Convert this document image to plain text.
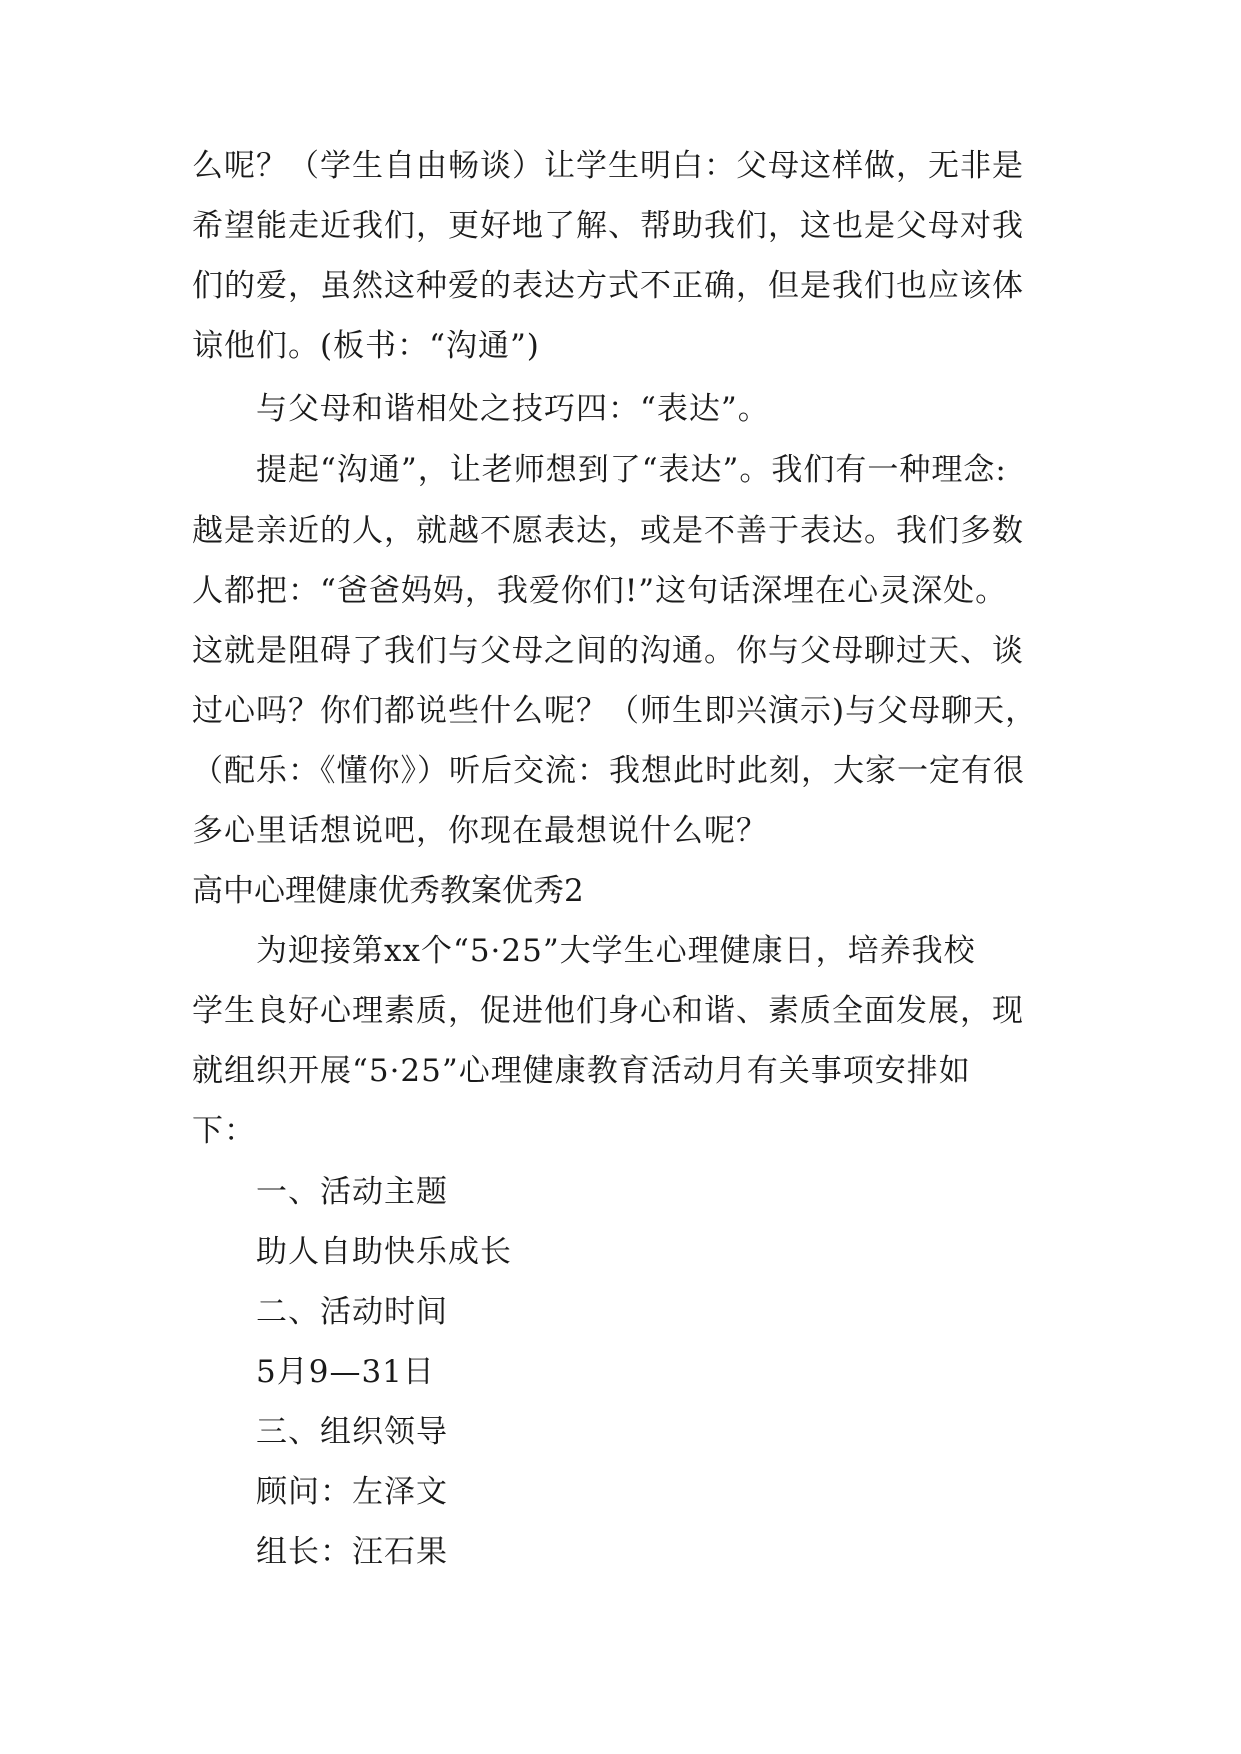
么呢？（学生自由畅谈）让学生明白：父母这样做，无非是
希望能走近我们，更好地了解、帮助我们，这也是父母对我
们的爱，虽然这种爱的表达方式不正确，但是我们也应该体
谅他们。(板书：“沟通”)
与父母和谐相处之技巧四：“表达”。
提起“沟通”，让老师想到了“表达”。我们有一种理念:
越是亲近的人，就越不愿表达，或是不善于表达。我们多数
人都把：“爸爸妈妈，我爱你们!”这句话深埋在心灵深处。
这就是阻碍了我们与父母之间的沟通。你与父母聊过天、谈
过心吗？你们都说些什么呢？（师生即兴演示)与父母聊天，
（配乐：《懂你》）听后交流：我想此时此刻，大家一定有很
多心里话想说吧，你现在最想说什么呢？
高中心理健康优秀教案优秀2
为迎接第xx个“5·25”大学生心理健康日，培养我校
学生良好心理素质，促进他们身心和谐、素质全面发展，现
就组织开展“5·25”心理健康教育活动月有关事项安排如
下：
一、活动主题
助人自助快乐成长
二、活动时间
5月9—31日
三、组织领导
顾问：左泽文
组长：汪石果
